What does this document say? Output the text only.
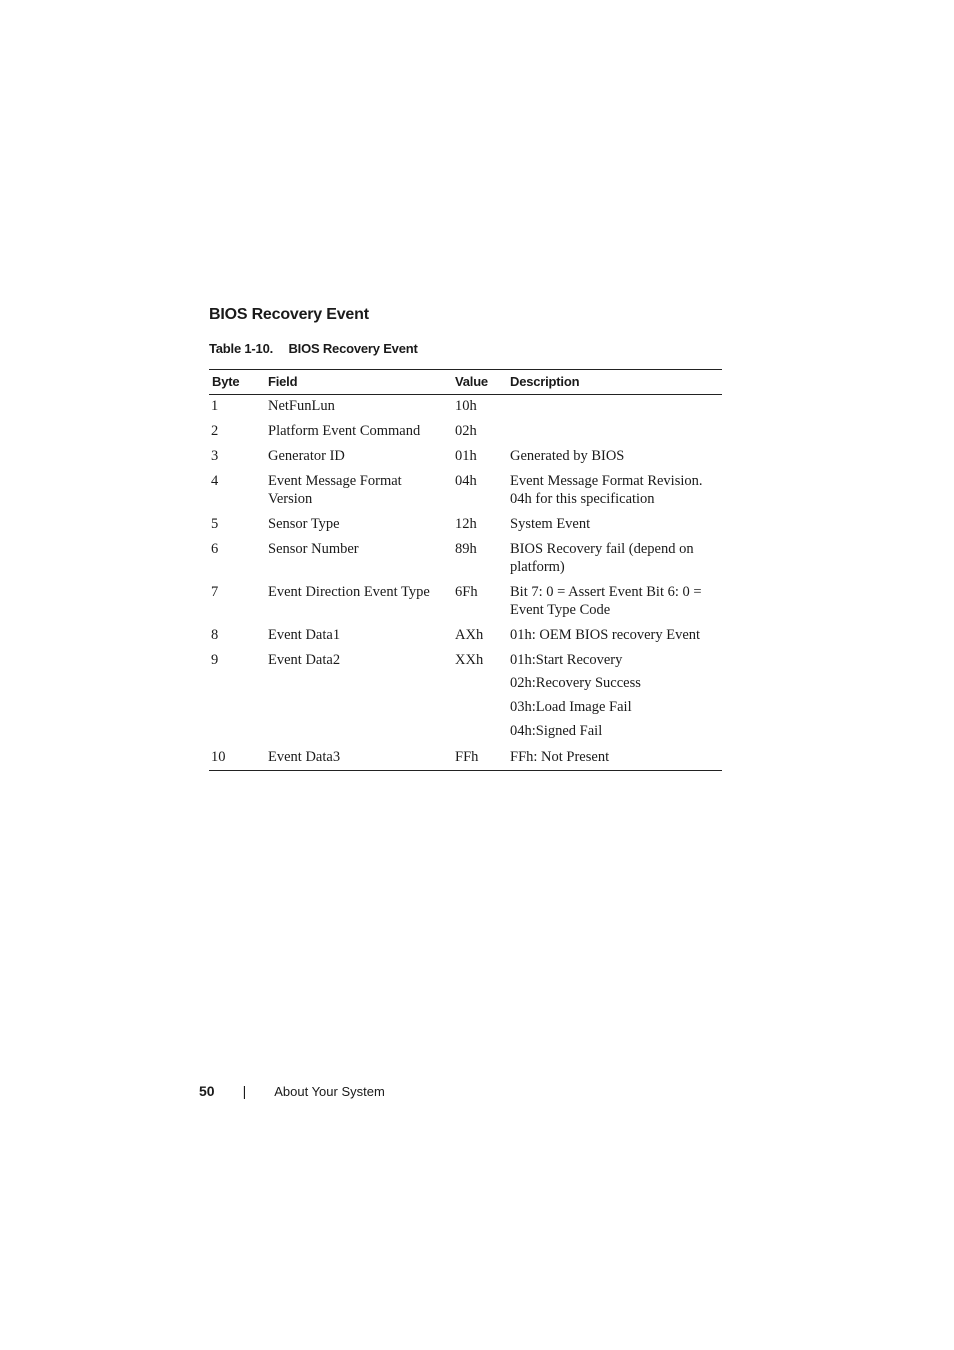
BIOS Recovery Event
Table 1-10. BIOS Recovery Event
Byte	Field	Value	Description
1	NetFunLun	10h	
2	Platform Event Command	02h	
3	Generator ID	01h	Generated by BIOS
4	Event Message Format Version	04h	Event Message Format Revision. 04h for this specification
5	Sensor Type	12h	System Event
6	Sensor Number	89h	BIOS Recovery fail (depend on platform)
7	Event Direction Event Type	6Fh	Bit 7: 0 = Assert Event Bit 6: 0 = Event Type Code
8	Event Data1	AXh	01h: OEM BIOS recovery Event
9	Event Data2	XXh	01h:Start Recovery
			02h:Recovery Success
			03h:Load Image Fail
			04h:Signed Fail
10	Event Data3	FFh	FFh: Not Present
50 | About Your System
